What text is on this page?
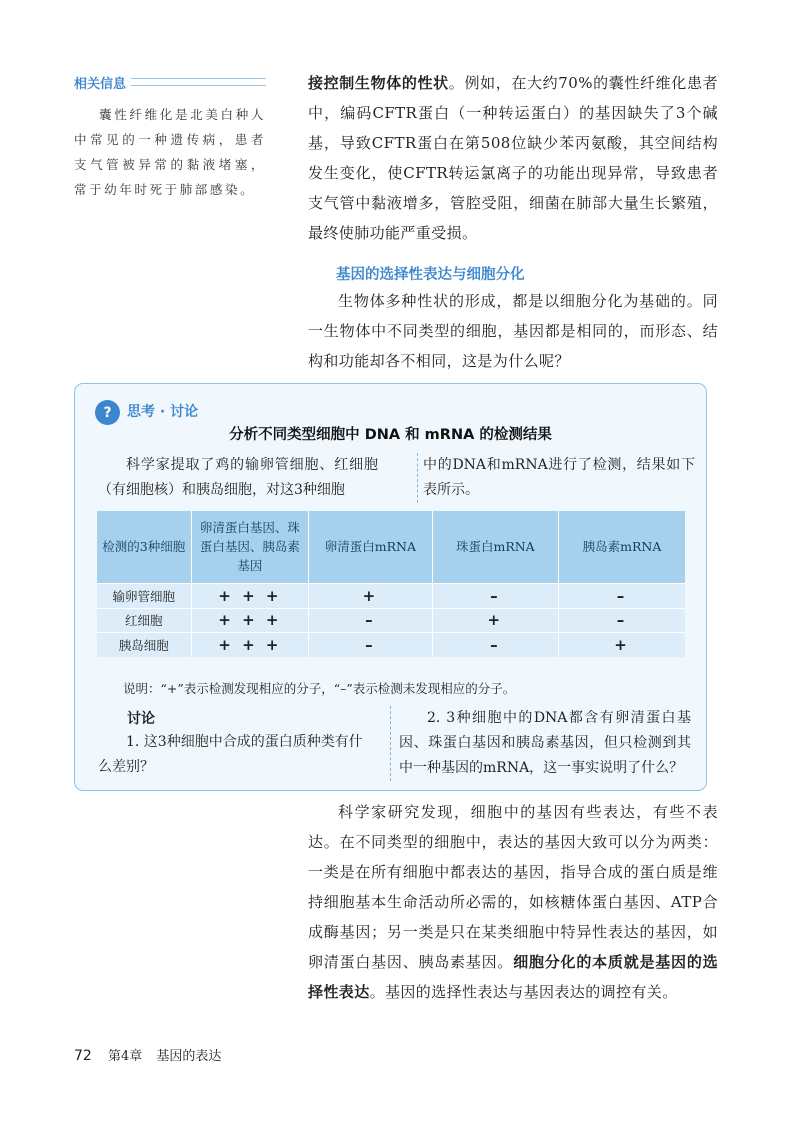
相关信息
囊性纤维化是北美白种人中常见的一种遗传病，患者支气管被异常的黏液堵塞，常于幼年时死于肺部感染。

接控制生物体的性状。例如，在大约70%的囊性纤维化患者中，编码CFTR蛋白（一种转运蛋白）的基因缺失了3个碱基，导致CFTR蛋白在第508位缺少苯丙氨酸，其空间结构发生变化，使CFTR转运氯离子的功能出现异常，导致患者支气管中黏液增多，管腔受阻，细菌在肺部大量生长繁殖，最终使肺功能严重受损。

基因的选择性表达与细胞分化

生物体多种性状的形成，都是以细胞分化为基础的。同一生物体中不同类型的细胞，基因都是相同的，而形态、结构和功能却各不相同，这是为什么呢？

?	思考 · 讨论
分析不同类型细胞中 DNA 和 mRNA 的检测结果
科学家提取了鸡的输卵管细胞、红细胞（有细胞核）和胰岛细胞，对这3种细胞
中的DNA和mRNA进行了检测，结果如下表所示。
检测的3种细胞	卵清蛋白基因、珠蛋白基因、胰岛素基因	卵清蛋白mRNA	珠蛋白mRNA	胰岛素mRNA
输卵管细胞	+ + +	+	–	–
红细胞	+ + +	–	+	–
胰岛细胞	+ + +	–	–	+
说明：“+”表示检测发现相应的分子，“–”表示检测未发现相应的分子。
讨论
1. 这3种细胞中合成的蛋白质种类有什么差别？
2. 3种细胞中的DNA都含有卵清蛋白基因、珠蛋白基因和胰岛素基因，但只检测到其中一种基因的mRNA，这一事实说明了什么？

科学家研究发现，细胞中的基因有些表达，有些不表达。在不同类型的细胞中，表达的基因大致可以分为两类：一类是在所有细胞中都表达的基因，指导合成的蛋白质是维持细胞基本生命活动所必需的，如核糖体蛋白基因、ATP合成酶基因；另一类是只在某类细胞中特异性表达的基因，如卵清蛋白基因、胰岛素基因。细胞分化的本质就是基因的选择性表达。基因的选择性表达与基因表达的调控有关。

72 第4章 基因的表达
